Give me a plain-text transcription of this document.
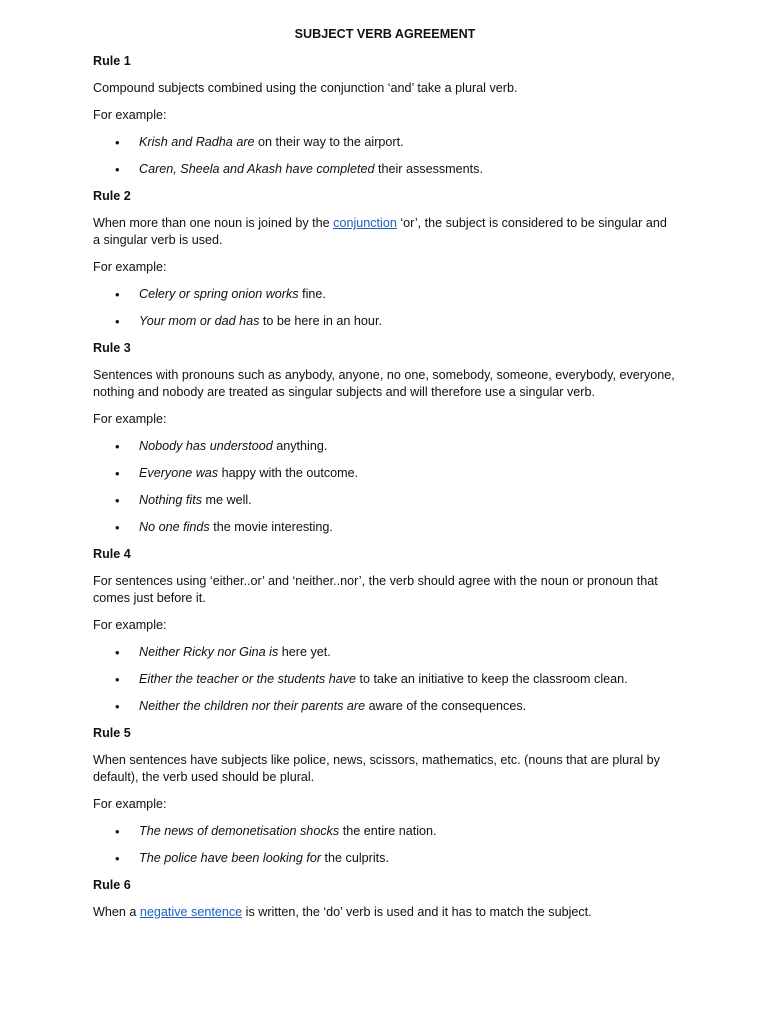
SUBJECT VERB AGREEMENT

Rule 1

Compound subjects combined using the conjunction ‘and’ take a plural verb.

For example:

• Krish and Radha are on their way to the airport.
• Caren, Sheela and Akash have completed their assessments.

Rule 2

When more than one noun is joined by the conjunction ‘or’, the subject is considered to be singular and a singular verb is used.

For example:

• Celery or spring onion works fine.
• Your mom or dad has to be here in an hour.

Rule 3

Sentences with pronouns such as anybody, anyone, no one, somebody, someone, everybody, everyone, nothing and nobody are treated as singular subjects and will therefore use a singular verb.

For example:

• Nobody has understood anything.
• Everyone was happy with the outcome.
• Nothing fits me well.
• No one finds the movie interesting.

Rule 4

For sentences using ‘either..or’ and ‘neither..nor’, the verb should agree with the noun or pronoun that comes just before it.

For example:

• Neither Ricky nor Gina is here yet.
• Either the teacher or the students have to take an initiative to keep the classroom clean.
• Neither the children nor their parents are aware of the consequences.

Rule 5

When sentences have subjects like police, news, scissors, mathematics, etc. (nouns that are plural by default), the verb used should be plural.

For example:

• The news of demonetisation shocks the entire nation.
• The police have been looking for the culprits.

Rule 6

When a negative sentence is written, the ‘do’ verb is used and it has to match the subject.
